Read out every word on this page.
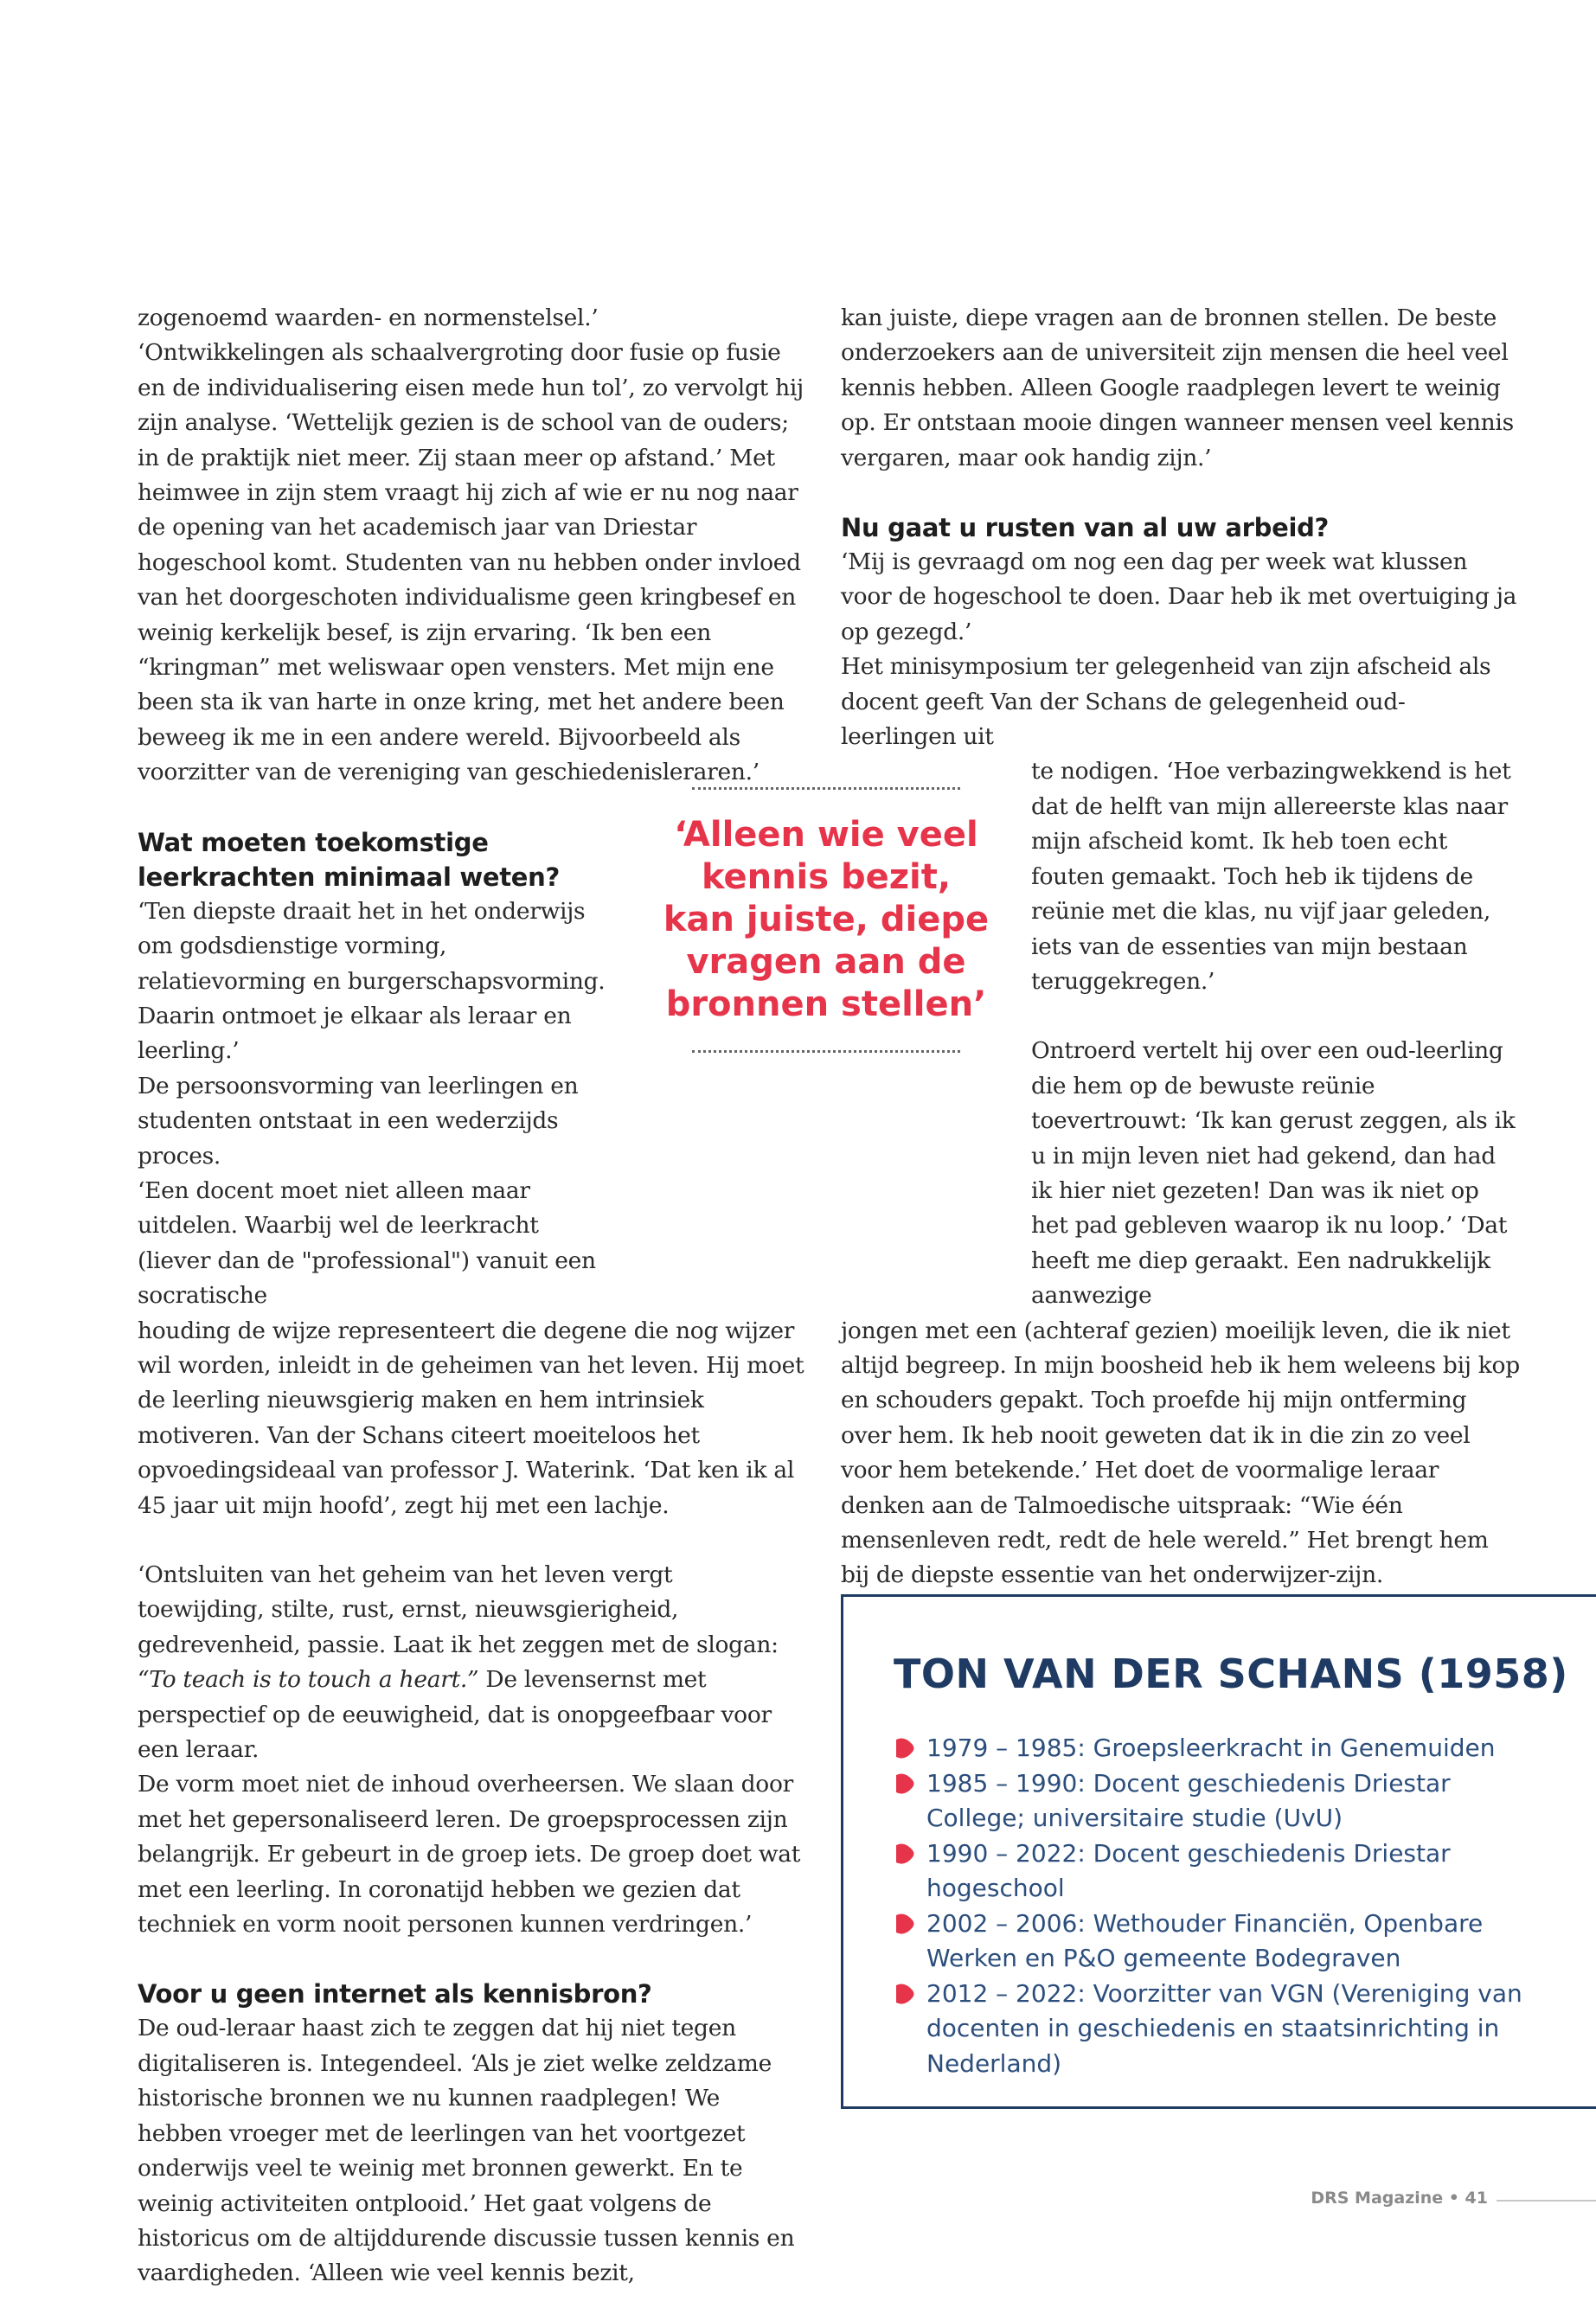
zogenoemd waarden- en normenstelsel.’

‘Ontwikkelingen als schaalvergroting door fusie op fusie en de individualisering eisen mede hun tol’, zo vervolgt hij zijn analyse. ‘Wettelijk gezien is de school van de ouders; in de praktijk niet meer. Zij staan meer op afstand.’ Met heimwee in zijn stem vraagt hij zich af wie er nu nog naar de opening van het academisch jaar van Driestar hogeschool komt. Studenten van nu hebben onder invloed van het doorgeschoten individualisme geen kringbesef en weinig kerkelijk besef, is zijn ervaring. ‘Ik ben een “kringman” met weliswaar open vensters. Met mijn ene been sta ik van harte in onze kring, met het andere been beweeg ik me in een andere wereld. Bijvoorbeeld als voorzitter van de vereniging van geschiedenisleraren.’

Wat moeten toekomstige leerkrachten minimaal weten?

‘Ten diepste draait het in het onderwijs om godsdienstige vorming, relatievorming en burgerschapsvorming. Daarin ontmoet je elkaar als leraar en leerling.’

De persoonsvorming van leerlingen en studenten ontstaat in een wederzijds proces.

‘Een docent moet niet alleen maar uitdelen. Waarbij wel de leerkracht (liever dan de "professional") vanuit een socratische

houding de wijze representeert die degene die nog wijzer wil worden, inleidt in de geheimen van het leven. Hij moet de leerling nieuwsgierig maken en hem intrinsiek motiveren. Van der Schans citeert moeiteloos het opvoedingsideaal van professor J. Waterink. ‘Dat ken ik al 45 jaar uit mijn hoofd’, zegt hij met een lachje.

‘Ontsluiten van het geheim van het leven vergt toewijding, stilte, rust, ernst, nieuwsgierigheid, gedrevenheid, passie. Laat ik het zeggen met de slogan: “To teach is to touch a heart.” De levensernst met perspectief op de eeuwigheid, dat is onopgeefbaar voor een leraar.

De vorm moet niet de inhoud overheersen. We slaan door met het gepersonaliseerd leren. De groepsprocessen zijn belangrijk. Er gebeurt in de groep iets. De groep doet wat met een leerling. In coronatijd hebben we gezien dat techniek en vorm nooit personen kunnen verdringen.’

Voor u geen internet als kennisbron?

De oud-leraar haast zich te zeggen dat hij niet tegen digitaliseren is. Integendeel. ‘Als je ziet welke zeldzame historische bronnen we nu kunnen raadplegen! We hebben vroeger met de leerlingen van het voortgezet onderwijs veel te weinig met bronnen gewerkt. En te weinig activiteiten ontplooid.’ Het gaat volgens de historicus om de altijddurende discussie tussen kennis en vaardigheden. ‘Alleen wie veel kennis bezit,

kan juiste, diepe vragen aan de bronnen stellen. De beste onderzoekers aan de universiteit zijn mensen die heel veel kennis hebben. Alleen Google raadplegen levert te weinig op. Er ontstaan mooie dingen wanneer mensen veel kennis vergaren, maar ook handig zijn.’

Nu gaat u rusten van al uw arbeid?

‘Mij is gevraagd om nog een dag per week wat klussen voor de hogeschool te doen. Daar heb ik met overtuiging ja op gezegd.’

Het minisymposium ter gelegenheid van zijn afscheid als docent geeft Van der Schans de gelegenheid oud-leerlingen uit

te nodigen. ‘Hoe verbazingwekkend is het dat de helft van mijn allereerste klas naar mijn afscheid komt. Ik heb toen echt fouten gemaakt. Toch heb ik tijdens de reünie met die klas, nu vijf jaar geleden, iets van de essenties van mijn bestaan teruggekregen.’

Ontroerd vertelt hij over een oud-leerling die hem op de bewuste reünie toevertrouwt: ‘Ik kan gerust zeggen, als ik u in mijn leven niet had gekend, dan had ik hier niet gezeten! Dan was ik niet op het pad gebleven waarop ik nu loop.’ ‘Dat heeft me diep geraakt. Een nadrukkelijk aanwezige

jongen met een (achteraf gezien) moeilijk leven, die ik niet altijd begreep. In mijn boosheid heb ik hem weleens bij kop en schouders gepakt. Toch proefde hij mijn ontferming over hem. Ik heb nooit geweten dat ik in die zin zo veel voor hem betekende.’ Het doet de voormalige leraar denken aan de Talmoedische uitspraak: “Wie één mensenleven redt, redt de hele wereld.” Het brengt hem bij de diepste essentie van het onderwijzer-zijn.

‘Alleen wie veel kennis bezit, kan juiste, diepe vragen aan de bronnen stellen’
TON VAN DER SCHANS (1958)
1979 – 1985: Groepsleerkracht in Genemuiden
1985 – 1990: Docent geschiedenis Driestar College; universitaire studie (UvU)
1990 – 2022: Docent geschiedenis Driestar hogeschool
2002 – 2006: Wethouder Financiën, Openbare Werken en P&O gemeente Bodegraven
2012 – 2022: Voorzitter van VGN (Vereniging van docenten in geschiedenis en staatsinrichting in Nederland)
DRS Magazine • 41
